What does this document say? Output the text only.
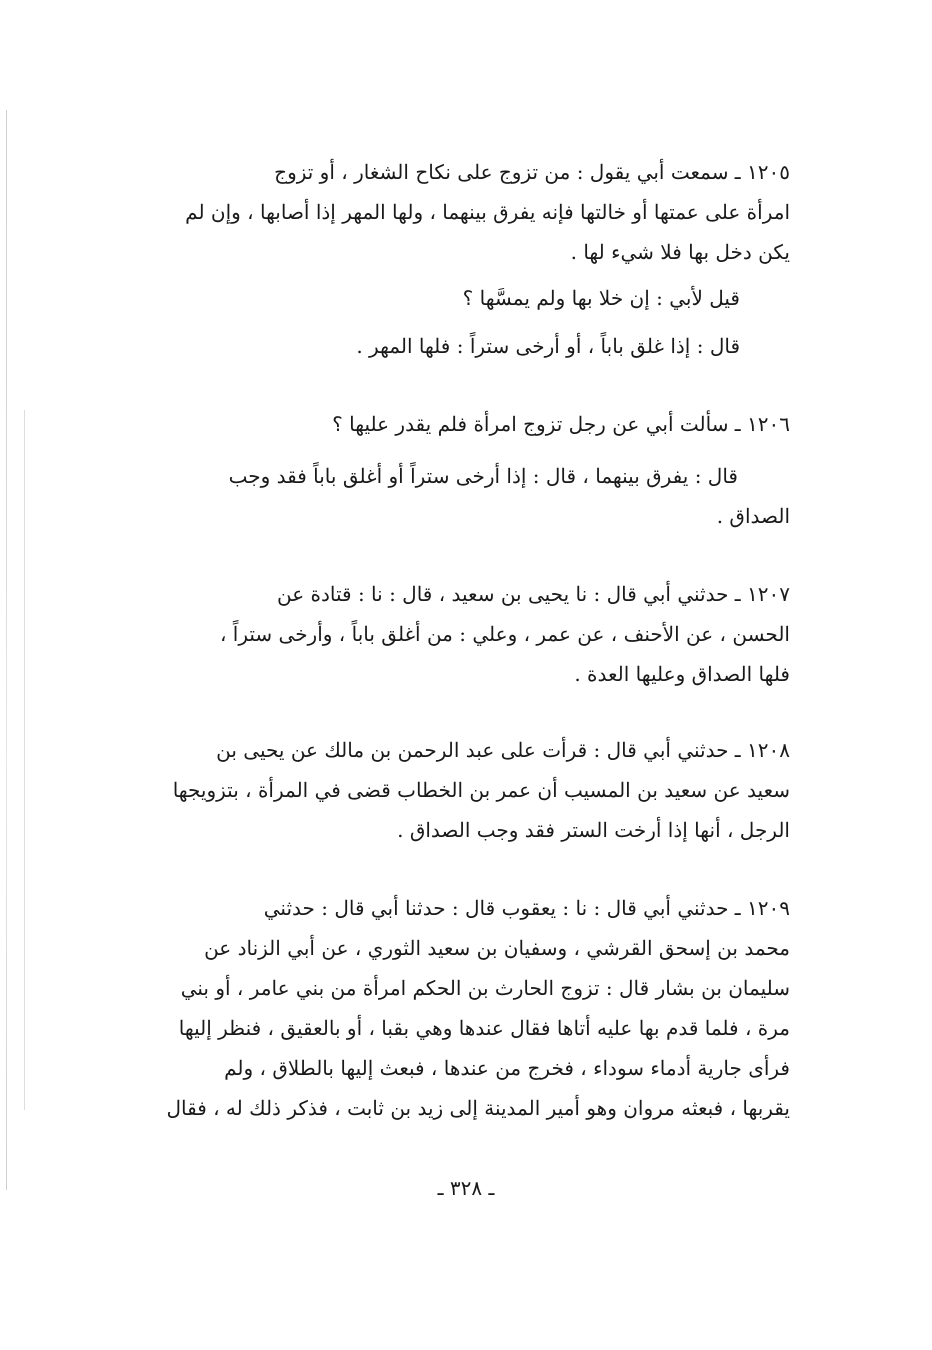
١٢٠٥ ـ سمعت أبي يقول : من تزوج على نكاح الشغار ، أو تزوج
امرأة على عمتها أو خالتها فإنه يفرق بينهما ، ولها المهر إذا أصابها ، وإن لم
يكن دخل بها فلا شيء لها .

قيل لأبي : إن خلا بها ولم يمسَّها ؟
قال : إذا غلق باباً ، أو أرخى ستراً : فلها المهر .
١٢٠٦ ـ سألت أبي عن رجل تزوج امرأة فلم يقدر عليها ؟

قال : يفرق بينهما ، قال : إذا أرخى ستراً أو أغلق باباً فقد وجب
الصداق .

١٢٠٧ ـ حدثني أبي قال : نا يحيى بن سعيد ، قال : نا : قتادة عن
الحسن ، عن الأحنف ، عن عمر ، وعلي : من أغلق باباً ، وأرخى ستراً ،
فلها الصداق وعليها العدة .

١٢٠٨ ـ حدثني أبي قال : قرأت على عبد الرحمن بن مالك عن يحيى بن
سعيد عن سعيد بن المسيب أن عمر بن الخطاب قضى في المرأة ، بتزويجها
الرجل ، أنها إذا أرخت الستر فقد وجب الصداق .

١٢٠٩ ـ حدثني أبي قال : نا : يعقوب قال : حدثنا أبي قال : حدثني
محمد بن إسحق القرشي ، وسفيان بن سعيد الثوري ، عن أبي الزناد عن
سليمان بن بشار قال : تزوج الحارث بن الحكم امرأة من بني عامر ، أو بني
مرة ، فلما قدم بها عليه أتاها فقال عندها وهي بقبا ، أو بالعقيق ، فنظر إليها
فرأى جارية أدماء سوداء ، فخرج من عندها ، فبعث إليها بالطلاق ، ولم
يقربها ، فبعثه مروان وهو أمير المدينة إلى زيد بن ثابت ، فذكر ذلك له ، فقال

ـ ٣٢٨ ـ
